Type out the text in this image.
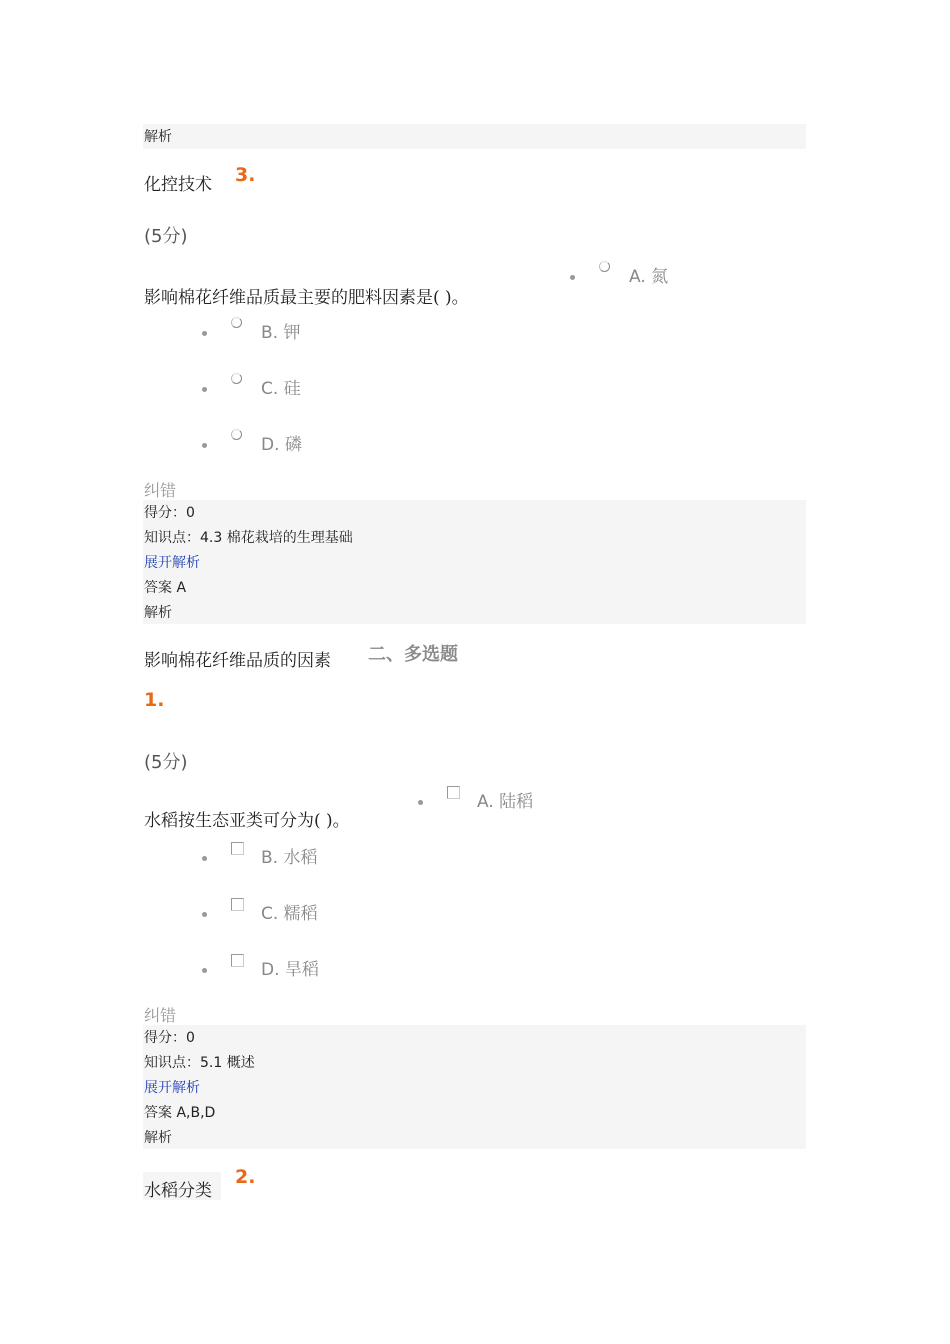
解析
化控技术 3.
(5分)
影响棉花纤维品质最主要的肥料因素是( )。
A. 氮
B. 钾
C. 硅
D. 磷
纠错
得分：0
知识点：4.3 棉花栽培的生理基础
展开解析
答案 A
解析
影响棉花纤维品质的因素 二、多选题
1.
(5分)
水稻按生态亚类可分为( )。
A. 陆稻
B. 水稻
C. 糯稻
D. 旱稻
纠错
得分：0
知识点：5.1 概述
展开解析
答案 A,B,D
解析
水稻分类
2.
